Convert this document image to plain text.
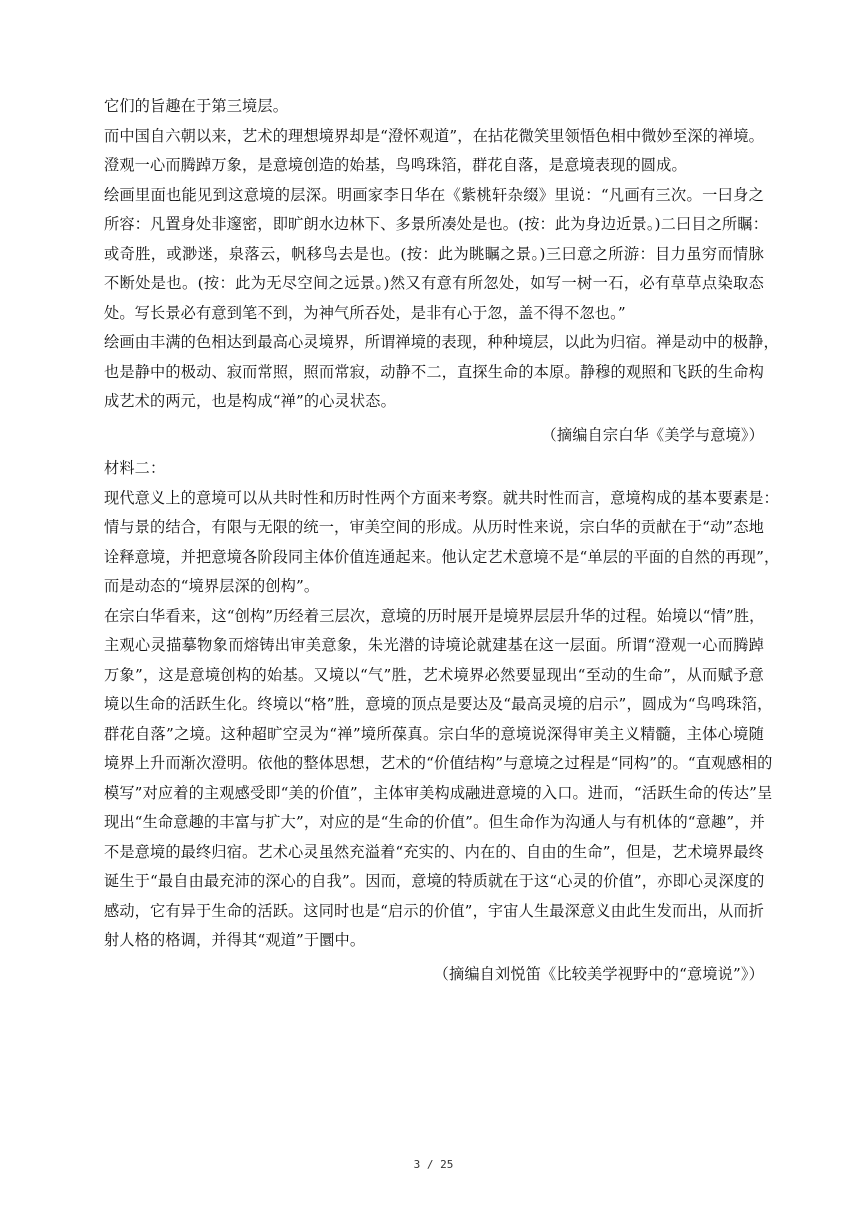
它们的旨趣在于第三境层。
而中国自六朝以来，艺术的理想境界却是“澄怀观道”，在拈花微笑里领悟色相中微妙至深的禅境。
澄观一心而腾踔万象，是意境创造的始基，鸟鸣珠箔，群花自落，是意境表现的圆成。
绘画里面也能见到这意境的层深。明画家李日华在《紫桃轩杂缀》里说：“凡画有三次。一曰身之
所容：凡置身处非邃密，即旷朗水边林下、多景所凑处是也。(按：此为身边近景。)二曰目之所瞩：
或奇胜，或渺迷，泉落云，帆移鸟去是也。(按：此为眺瞩之景。)三曰意之所游：目力虽穷而情脉
不断处是也。(按：此为无尽空间之远景。)然又有意有所忽处，如写一树一石，必有草草点染取态
处。写长景必有意到笔不到，为神气所吞处，是非有心于忽，盖不得不忽也。”
绘画由丰满的色相达到最高心灵境界，所谓禅境的表现，种种境层，以此为归宿。禅是动中的极静，
也是静中的极动、寂而常照，照而常寂，动静不二，直探生命的本原。静穆的观照和飞跃的生命构
成艺术的两元，也是构成“禅”的心灵状态。
（摘编自宗白华《美学与意境》）
材料二：
现代意义上的意境可以从共时性和历时性两个方面来考察。就共时性而言，意境构成的基本要素是：
情与景的结合，有限与无限的统一，审美空间的形成。从历时性来说，宗白华的贡献在于“动”态地
诠释意境，并把意境各阶段同主体价值连通起来。他认定艺术意境不是“单层的平面的自然的再现”，
而是动态的“境界层深的创构”。
在宗白华看来，这“创构”历经着三层次，意境的历时展开是境界层层升华的过程。始境以“情”胜，
主观心灵描摹物象而熔铸出审美意象，朱光潜的诗境论就建基在这一层面。所谓“澄观一心而腾踔
万象”，这是意境创构的始基。又境以“气”胜，艺术境界必然要显现出“至动的生命”，从而赋予意
境以生命的活跃生化。终境以“格”胜，意境的顶点是要达及“最高灵境的启示”，圆成为“鸟鸣珠箔，
群花自落”之境。这种超旷空灵为“禅”境所葆真。宗白华的意境说深得审美主义精髓，主体心境随
境界上升而渐次澄明。依他的整体思想，艺术的“价值结构”与意境之过程是“同构”的。“直观感相的
模写”对应着的主观感受即“美的价值”，主体审美构成融进意境的入口。进而，“活跃生命的传达”呈
现出“生命意趣的丰富与扩大”，对应的是“生命的价值”。但生命作为沟通人与有机体的“意趣”，并
不是意境的最终归宿。艺术心灵虽然充溢着“充实的、内在的、自由的生命”，但是，艺术境界最终
诞生于“最自由最充沛的深心的自我”。因而，意境的特质就在于这“心灵的价值”，亦即心灵深度的
感动，它有异于生命的活跃。这同时也是“启示的价值”，宇宙人生最深意义由此生发而出，从而折
射人格的格调，并得其“观道”于圜中。
（摘编自刘悦笛《比较美学视野中的“意境说”》）
3 / 25
